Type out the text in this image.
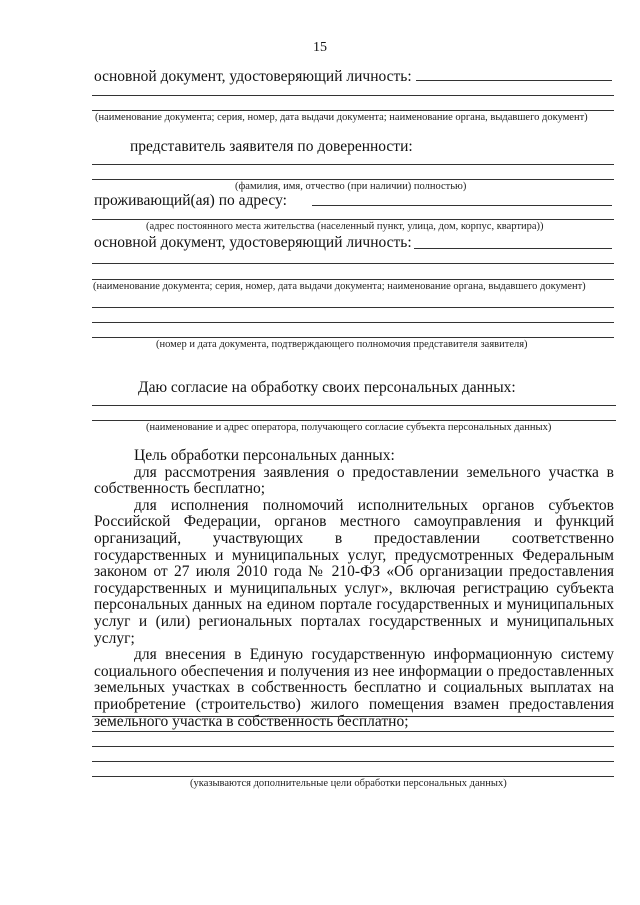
15
основной документ, удостоверяющий личность:
(наименование документа; серия, номер, дата выдачи документа; наименование органа, выдавшего документ)
представитель заявителя по доверенности:
(фамилия, имя, отчество (при наличии) полностью)
проживающий(ая) по адресу:
(адрес постоянного места жительства (населенный пункт, улица, дом, корпус, квартира))
основной документ, удостоверяющий личность:
(наименование документа; серия, номер, дата выдачи документа; наименование органа, выдавшего документ)
(номер и дата документа, подтверждающего полномочия представителя заявителя)
Даю согласие на обработку своих персональных данных:
(наименование и адрес оператора, получающего согласие субъекта персональных данных)

Цель обработки персональных данных:

для рассмотрения заявления о предоставлении земельного участка в собственность бесплатно;

для исполнения полномочий исполнительных органов субъектов Российской Федерации, органов местного самоуправления и функций организаций, участвующих в предоставлении соответственно государственных и муниципальных услуг, предусмотренных Федеральным законом от 27 июля 2010 года № 210-ФЗ «Об организации предоставления государственных и муниципальных услуг», включая регистрацию субъекта персональных данных на едином портале государственных и муниципальных услуг и (или) региональных порталах государственных и муниципальных услуг;

для внесения в Единую государственную информационную систему социального обеспечения и получения из нее информации о предоставленных земельных участках в собственность бесплатно и социальных выплатах на приобретение (строительство) жилого помещения взамен предоставления земельного участка в собственность бесплатно;

(указываются дополнительные цели обработки персональных данных)
